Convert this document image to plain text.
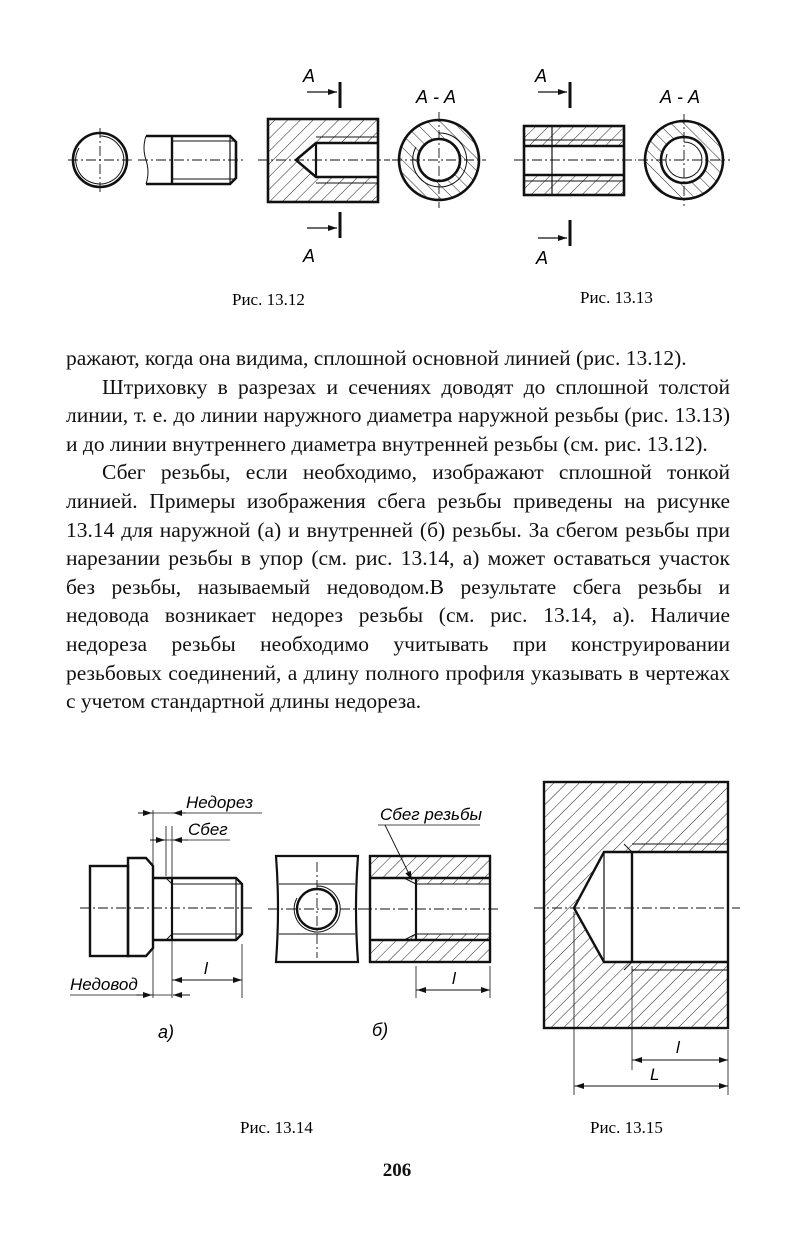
А
А
А - А
Рис. 13.12
А
А
А - А
Рис. 13.13
Недорез
Сбег
Недовод
l
а)
Сбег резьбы
l
б)
Рис. 13.14
l
L
Рис. 13.15

ражают, когда она видима, сплошной основной линией (рис. 13.12).

Штриховку в разрезах и сечениях доводят до сплошной толстой линии, т. е. до линии наружного диаметра наружной резьбы (рис. 13.13) и до линии внутреннего диаметра внутренней резьбы (см. рис. 13.12).

Сбег резьбы, если необходимо, изображают сплошной тонкой линией. Примеры изображения сбега резьбы приведены на рисунке 13.14 для наружной (а) и внутренней (б) резьбы. За сбегом резьбы при нарезании резьбы в упор (см. рис. 13.14, а) может оставаться участок без резьбы, называемый недоводом.В результате сбега резьбы и недовода возникает недорез резьбы (см. рис. 13.14, а). Наличие недореза резьбы необходимо учитывать при конструировании резьбовых соединений, а длину полного профиля указывать в чертежах с учетом стандартной длины недореза.

206
